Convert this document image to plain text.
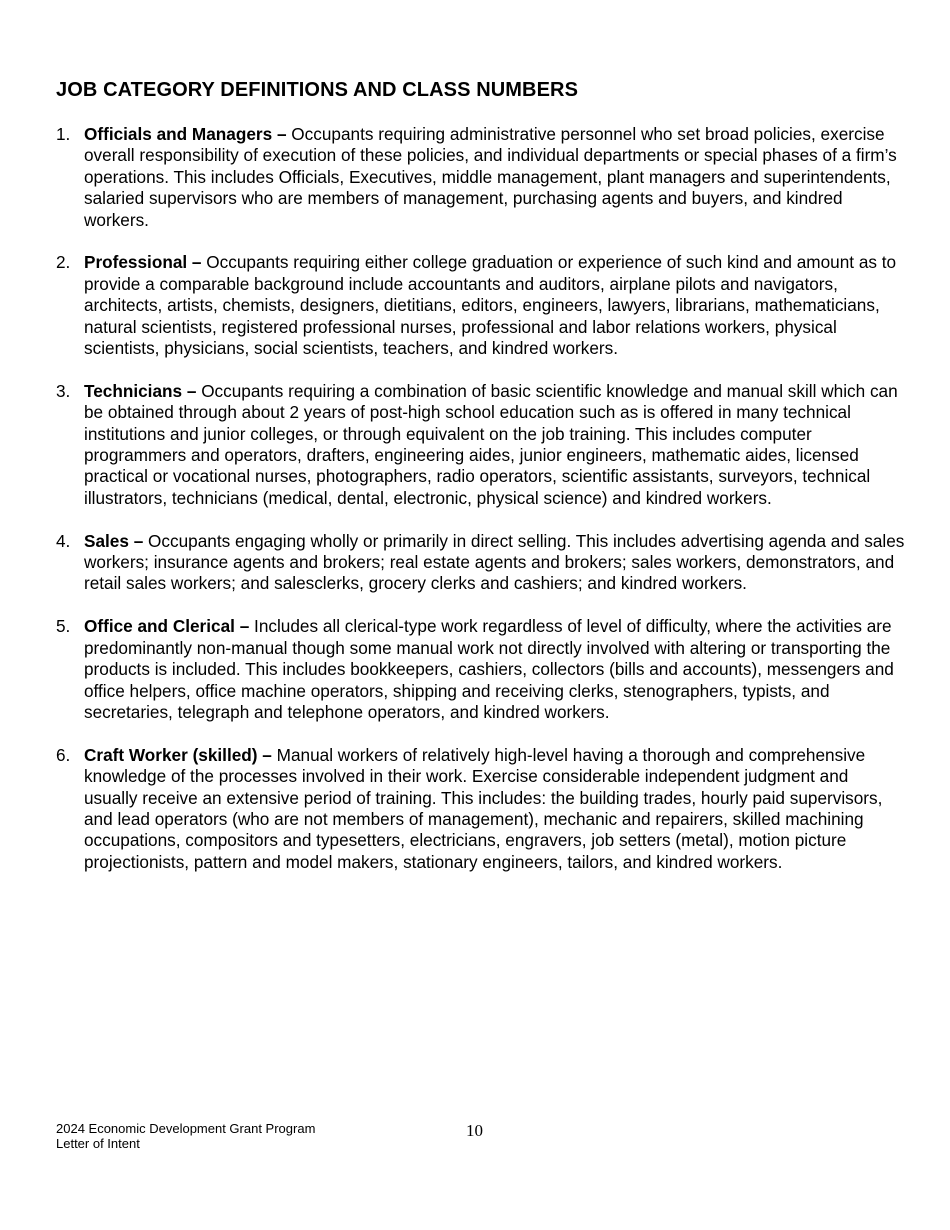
JOB CATEGORY DEFINITIONS AND CLASS NUMBERS
1. Officials and Managers – Occupants requiring administrative personnel who set broad policies, exercise overall responsibility of execution of these policies, and individual departments or special phases of a firm’s operations. This includes Officials, Executives, middle management, plant managers and superintendents, salaried supervisors who are members of management, purchasing agents and buyers, and kindred workers.
2. Professional – Occupants requiring either college graduation or experience of such kind and amount as to provide a comparable background include accountants and auditors, airplane pilots and navigators, architects, artists, chemists, designers, dietitians, editors, engineers, lawyers, librarians, mathematicians, natural scientists, registered professional nurses, professional and labor relations workers, physical scientists, physicians, social scientists, teachers, and kindred workers.
3. Technicians – Occupants requiring a combination of basic scientific knowledge and manual skill which can be obtained through about 2 years of post-high school education such as is offered in many technical institutions and junior colleges, or through equivalent on the job training. This includes computer programmers and operators, drafters, engineering aides, junior engineers, mathematic aides, licensed practical or vocational nurses, photographers, radio operators, scientific assistants, surveyors, technical illustrators, technicians (medical, dental, electronic, physical science) and kindred workers.
4. Sales – Occupants engaging wholly or primarily in direct selling. This includes advertising agenda and sales workers; insurance agents and brokers; real estate agents and brokers; sales workers, demonstrators, and retail sales workers; and salesclerks, grocery clerks and cashiers; and kindred workers.
5. Office and Clerical – Includes all clerical-type work regardless of level of difficulty, where the activities are predominantly non-manual though some manual work not directly involved with altering or transporting the products is included. This includes bookkeepers, cashiers, collectors (bills and accounts), messengers and office helpers, office machine operators, shipping and receiving clerks, stenographers, typists, and secretaries, telegraph and telephone operators, and kindred workers.
6. Craft Worker (skilled) – Manual workers of relatively high-level having a thorough and comprehensive knowledge of the processes involved in their work. Exercise considerable independent judgment and usually receive an extensive period of training. This includes: the building trades, hourly paid supervisors, and lead operators (who are not members of management), mechanic and repairers, skilled machining occupations, compositors and typesetters, electricians, engravers, job setters (metal), motion picture projectionists, pattern and model makers, stationary engineers, tailors, and kindred workers.
2024 Economic Development Grant Program
Letter of Intent
10
